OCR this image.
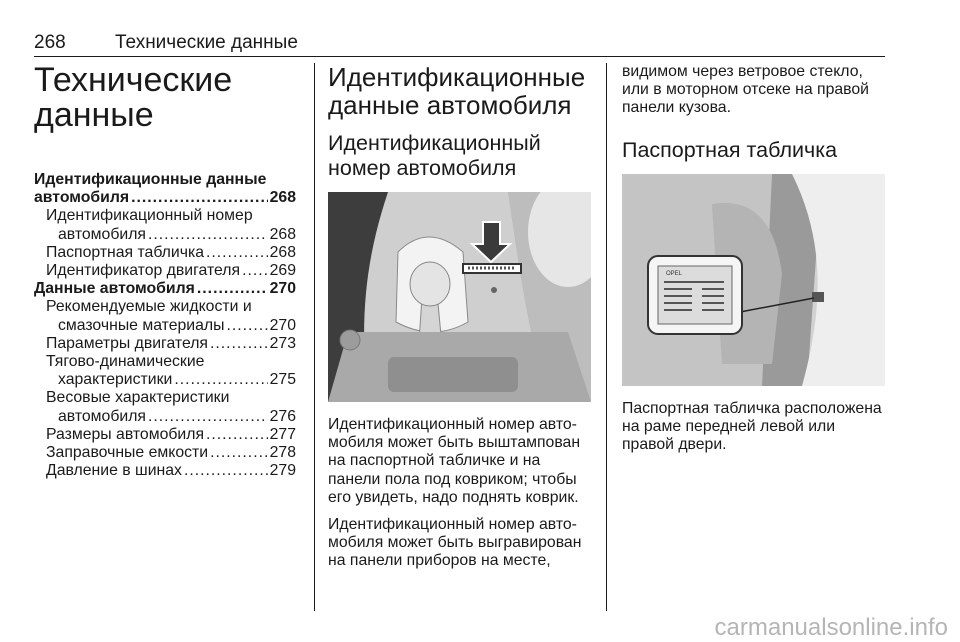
268	Технические данные
Технические
данные
Идентификационные данные
автомобиля .....	268
Идентификационный номер
автомобиля .....	268
Паспортная табличка .....	268
Идентификатор двигателя ..... 269
Данные автомобиля .....	270
Рекомендуемые жидкости и
смазочные материалы .....	270
Параметры двигателя .....	273
Тягово-динамические
характеристики .....	275
Весовые характеристики
автомобиля .....	276
Размеры автомобиля .....	277
Заправочные емкости .....	278
Давление в шинах .....	279
Идентификационные
данные автомобиля
Идентификационный
номер автомобиля

Идентификационный номер авто-
мобиля может быть выштампован
на паспортной табличке и на
панели пола под ковриком; чтобы
его увидеть, надо поднять коврик.

Идентификационный номер авто-
мобиля может быть выгравирован
на панели приборов на месте,

видимом через ветровое стекло,
или в моторном отсеке на правой
панели кузова.

Паспортная табличка
OPEL

Паспортная табличка расположена
на раме передней левой или
правой двери.

carmanualsonline.info
